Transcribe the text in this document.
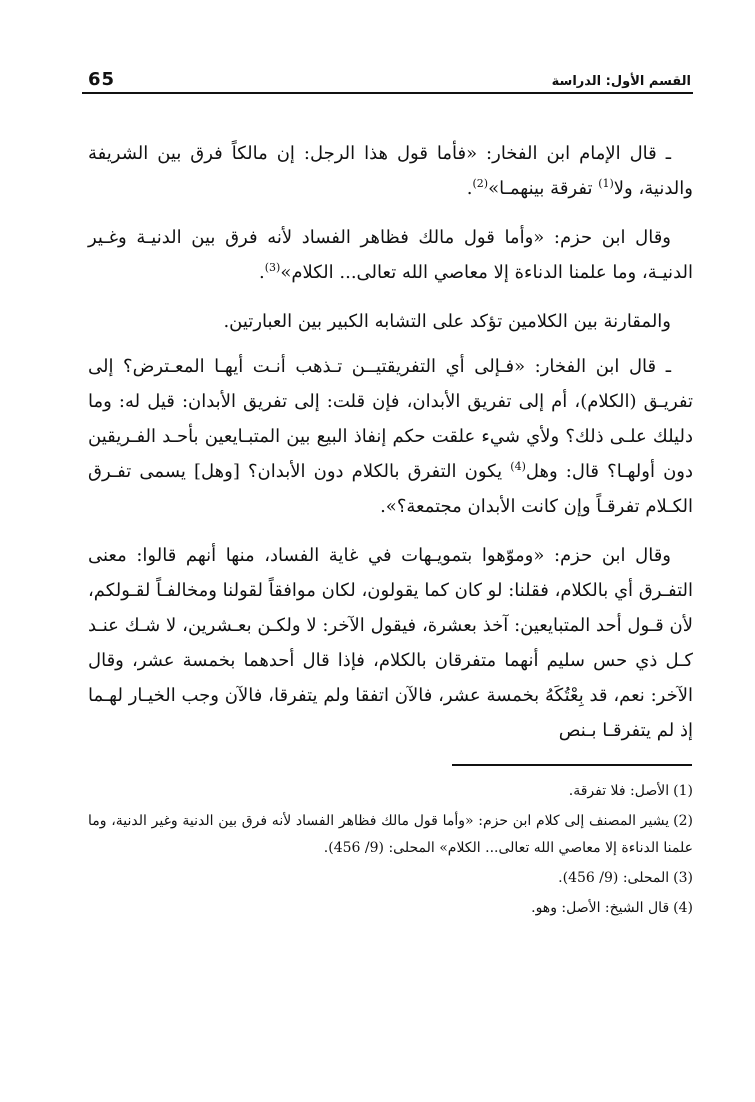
65	القسم الأول: الدراسة

ـ قال الإمام ابن الفخار: «فأما قول هذا الرجل: إن مالكاً فرق بين الشريفة والدنية، ولا$^{(1)}$ تفرقة بينهمـا»$^{(2)}$.

وقال ابن حزم: «وأما قول مالك فظاهر الفساد لأنه فرق بين الدنيـة وغـير الدنيـة، وما علمنا الدناءة إلا معاصي الله تعالى... الكلام»$^{(3)}$.

والمقارنة بين الكلامين تؤكد على التشابه الكبير بين العبارتين.

ـ قال ابن الفخار: «فـإلى أي التفريقتيــن تـذهب أنـت أيهـا المعـترض؟ إلى تفريـق (الكلام)، أم إلى تفريق الأبدان، فإن قلت: إلى تفريق الأبدان: قيل له: وما دليلك علـى ذلك؟ ولأي شيء علقت حكم إنفاذ البيع بين المتبـايعين بأحـد الفـريقين دون أولهـا؟ قال: وهل$^{(4)}$ يكون التفرق بالكلام دون الأبدان؟ [وهل] يسمى تفـرق الكـلام تفرقـاً وإن كانت الأبدان مجتمعة؟».

وقال ابن حزم: «وموّهوا بتمويـهات في غاية الفساد، منها أنهم قالوا: معنى التفـرق أي بالكلام، فقلنا: لو كان كما يقولون، لكان موافقاً لقولنا ومخالفـاً لقـولكم، لأن قـول أحد المتبايعين: آخذ بعشرة، فيقول الآخر: لا ولكـن بعـشرين، لا شـك عنـد كـل ذي حس سليم أنهما متفرقان بالكلام، فإذا قال أحدهما بخمسة عشر، وقال الآخر: نعم، قد بِعْتُكَهُ بخمسة عشر، فالآن اتفقا ولم يتفرقا، فالآن وجب الخيـار لهـما إذ لم يتفرقـا بـنص

(1)الأصل: فلا تفرقة.
(2)يشير المصنف إلى كلام ابن حزم: «وأما قول مالك فظاهر الفساد لأنه فرق بين الدنية وغير الدنية، وما علمنا الدناءة إلا معاصي الله تعالى... الكلام» المحلى: (9/ 456).
(3)المحلى: (9/ 456).
(4)قال الشيخ: الأصل: وهو.
